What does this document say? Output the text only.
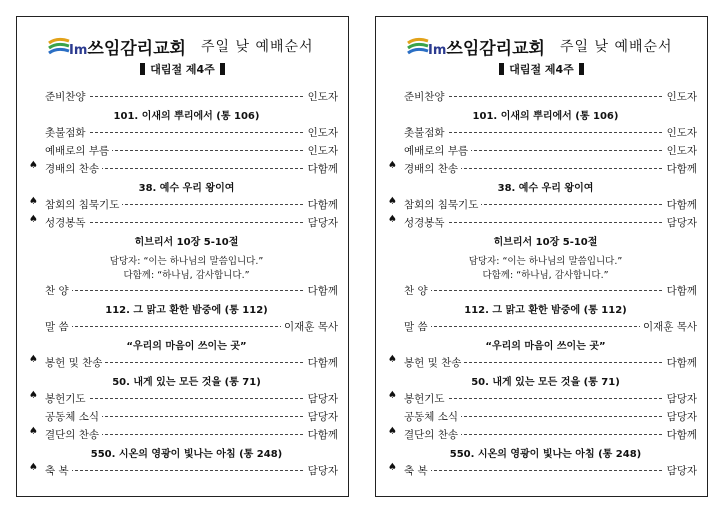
Im쓰임감리교회 주일 낮 예배순서
대림절 제4주
준비찬양	인도자
101. 이새의 뿌리에서 (통 106)
촛불점화	인도자
예배로의 부름	인도자
♠ 경배의 찬송	다함께
38. 예수 우리 왕이여
♠ 참회의 침묵기도	다함께
♠ 성경봉독	담당자
히브리서 10장 5-10절
담당자: “이는 하나님의 말씀입니다.”
다함께: “하나님, 감사합니다.”
찬 양	다함께
112. 그 맑고 환한 밤중에 (통 112)
말 씀	이재훈 목사
“우리의 마음이 쓰이는 곳”
♠ 봉헌 및 찬송	다함께
50. 내게 있는 모든 것을 (통 71)
♠ 봉헌기도	담당자
공동체 소식	담당자
♠ 결단의 찬송	다함께
550. 시온의 영광이 빛나는 아침 (통 248)
♠ 축 복	담당자
Im쓰임감리교회 주일 낮 예배순서
대림절 제4주
준비찬양	인도자
101. 이새의 뿌리에서 (통 106)
촛불점화	인도자
예배로의 부름	인도자
♠ 경배의 찬송	다함께
38. 예수 우리 왕이여
♠ 참회의 침묵기도	다함께
♠ 성경봉독	담당자
히브리서 10장 5-10절
담당자: “이는 하나님의 말씀입니다.”
다함께: “하나님, 감사합니다.”
찬 양	다함께
112. 그 맑고 환한 밤중에 (통 112)
말 씀	이재훈 목사
“우리의 마음이 쓰이는 곳”
♠ 봉헌 및 찬송	다함께
50. 내게 있는 모든 것을 (통 71)
♠ 봉헌기도	담당자
공동체 소식	담당자
♠ 결단의 찬송	다함께
550. 시온의 영광이 빛나는 아침 (통 248)
♠ 축 복	담당자
